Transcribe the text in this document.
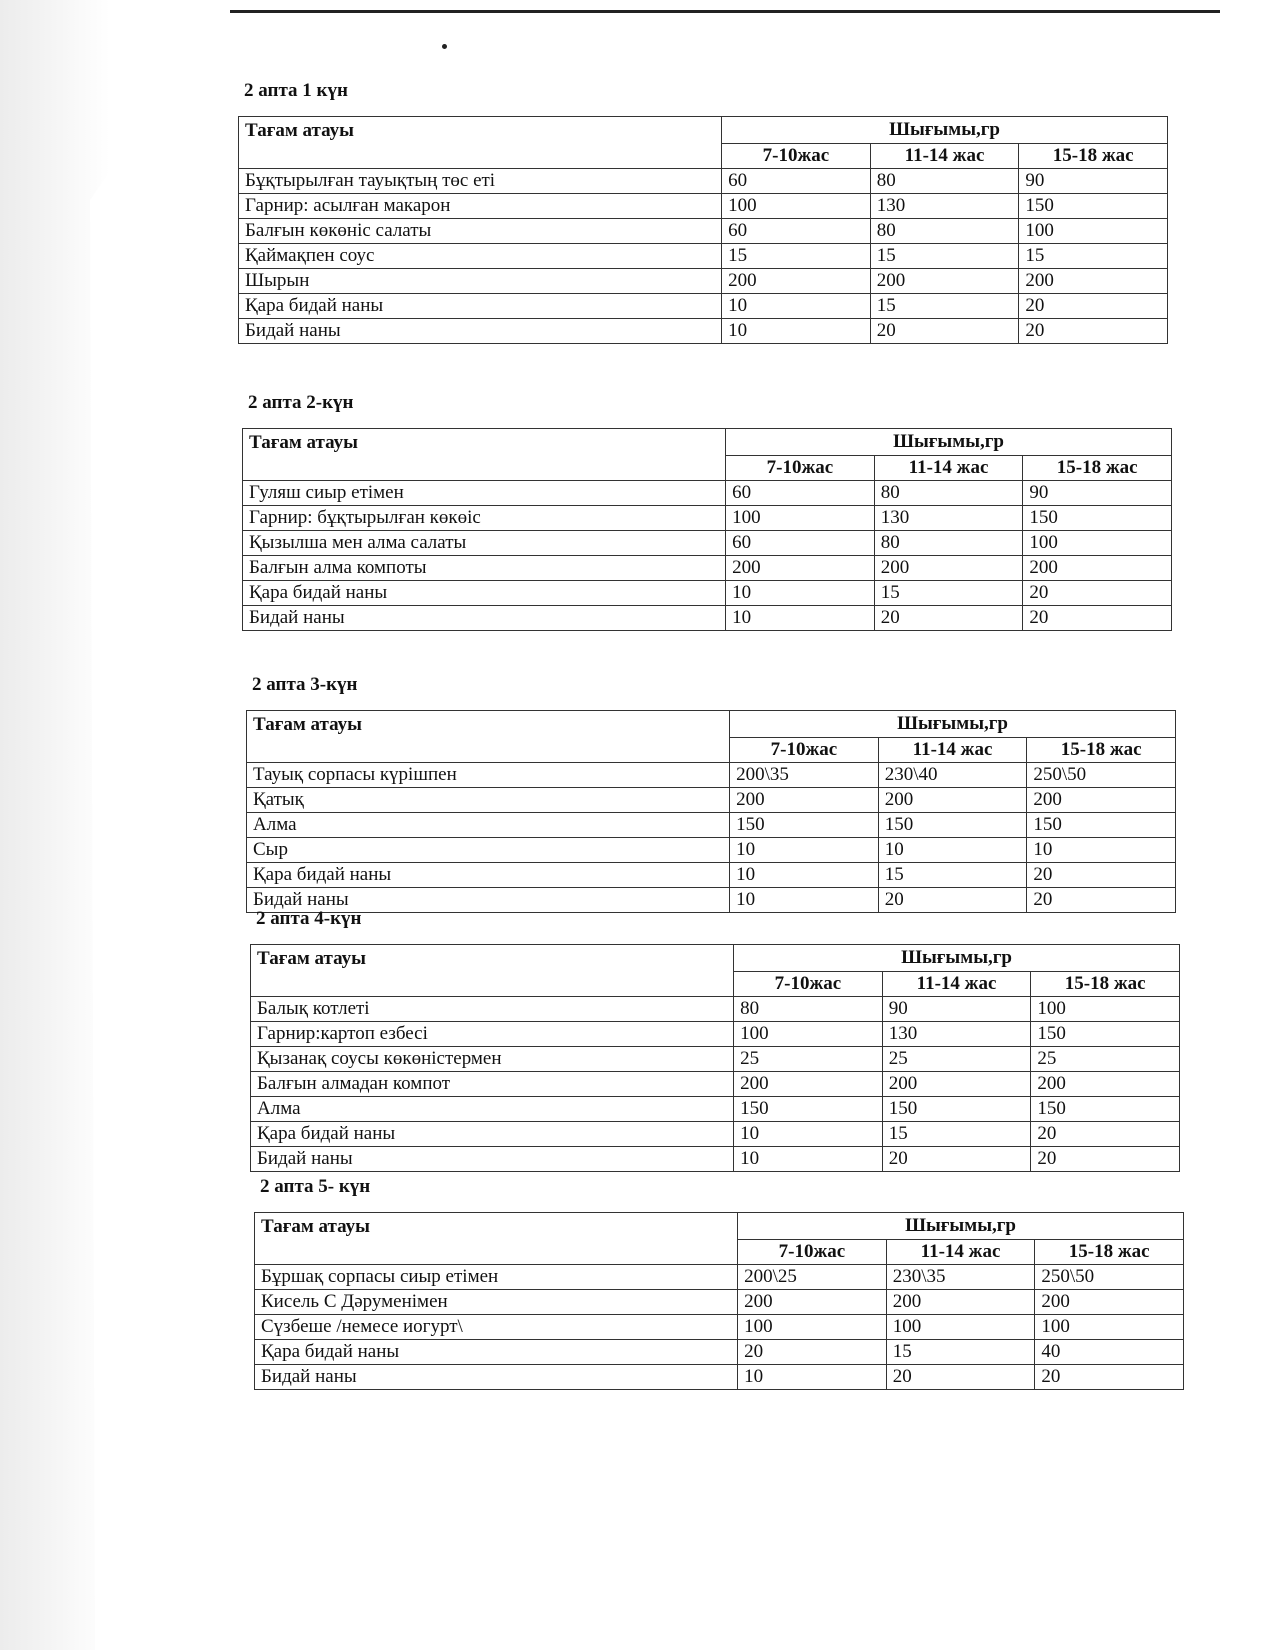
2 апта 1 күн
Тағам атауы	Шығымы,гр		
	7-10жас	11-14 жас	15-18 жас
Бұқтырылған тауықтың төс еті	60	80	90
Гарнир: асылған макарон	100	130	150
Балғын көкөніс салаты	60	80	100
Қаймақпен соус	15	15	15
Шырын	200	200	200
Қара бидай наны	10	15	20
Бидай наны	10	20	20
2 апта 2-күн
Тағам атауы	Шығымы,гр		
	7-10жас	11-14 жас	15-18 жас
Гуляш сиыр етімен	60	80	90
Гарнир: бұқтырылған көкөіс	100	130	150
Қызылша мен алма салаты	60	80	100
Балғын алма компоты	200	200	200
Қара бидай наны	10	15	20
Бидай наны	10	20	20
2 апта 3-күн
Тағам атауы	Шығымы,гр		
	7-10жас	11-14 жас	15-18 жас
Тауық сорпасы күрішпен	200\35	230\40	250\50
Қатық	200	200	200
Алма	150	150	150
Сыр	10	10	10
Қара бидай наны	10	15	20
Бидай наны	10	20	20
2 апта 4-күн
Тағам атауы	Шығымы,гр		
	7-10жас	11-14 жас	15-18 жас
Балық котлеті	80	90	100
Гарнир:картоп езбесі	100	130	150
Қызанақ соусы көкөністермен	25	25	25
Балғын алмадан компот	200	200	200
Алма	150	150	150
Қара бидай наны	10	15	20
Бидай наны	10	20	20
2 апта 5- күн
Тағам атауы	Шығымы,гр		
	7-10жас	11-14 жас	15-18 жас
Бұршақ сорпасы сиыр етімен	200\25	230\35	250\50
Кисель С Дәруменімен	200	200	200
Сүзбеше /немесе иогурт\	100	100	100
Қара бидай наны	20	15	40
Бидай наны	10	20	20
